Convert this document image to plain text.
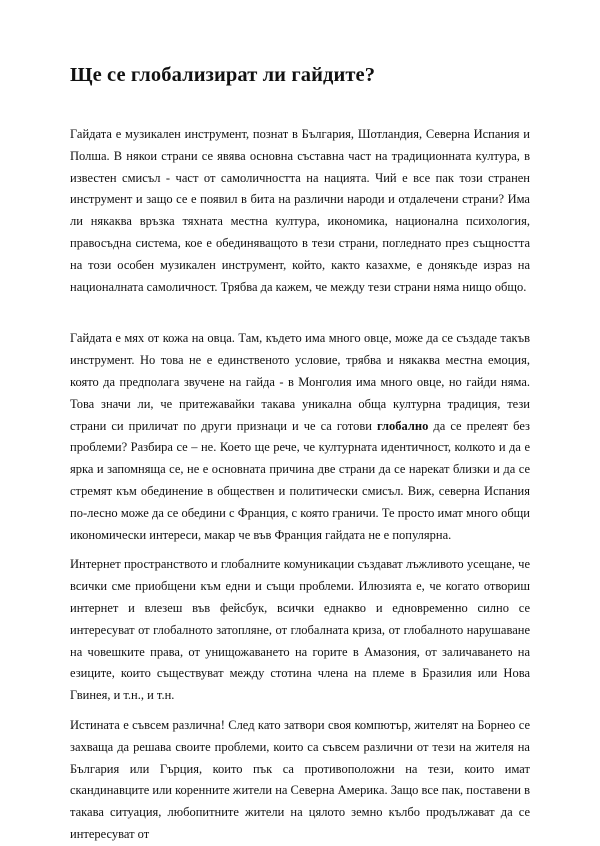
Ще се глобализират ли гайдите?

Гайдата е музикален инструмент, познат в България, Шотландия, Северна Испания и Полша. В някои страни се явява основна съставна част на традиционната култура, в известен смисъл - част от самоличността на нацията. Чий е все пак този странен инструмент и защо се е появил в бита на различни народи и отдалечени страни? Има ли някаква връзка тяхната местна култура, икономика, национална психология, правосъдна система, кое е обединяващото в тези страни, погледнато през същността на този особен музикален инструмент, който, както казахме, е донякъде израз на националната самоличност. Трябва да кажем, че между тези страни няма нищо общо.

Гайдата е мях от кожа на овца. Там, където има много овце, може да се създаде такъв инструмент. Но това не е единственото условие, трябва и някаква местна емоция, която да предполага звучене на гайда - в Монголия има много овце, но гайди няма. Това значи ли, че притежавайки такава уникална обща културна традиция, тези страни си приличат по други признаци и че са готови глобално да се прелеят без проблеми? Разбира се – не. Което ще рече, че културната идентичност, колкото и да е ярка и запомняща се, не е основната причина две страни да се нарекат близки и да се стремят към обединение в обществен и политически смисъл. Виж, северна Испания по-лесно може да се обедини с Франция, с която граничи. Те просто имат много общи икономически интереси, макар че във Франция гайдата не е популярна.

Интернет пространството и глобалните комуникации създават лъжливото усещане, че всички сме приобщени към едни и същи проблеми. Илюзията е, че когато отвориш интернет и влезеш във фейсбук, всички еднакво и едновременно силно се интересуват от глобалното затопляне, от глобалната криза, от глобалното нарушаване на човешките права, от унищожаването на горите в Амазония, от заличаването на езиците, които съществуват между стотина члена на племе в Бразилия или Нова Гвинея, и т.н., и т.н.

Истината е съвсем различна! След като затвори своя компютър, жителят на Борнео се захваща да решава своите проблеми, които са съвсем различни от тези на жителя на България или Гърция, които пък са противоположни на тези, които имат скандинавците или коренните жители на Северна Америка. Защо все пак, поставени в такава ситуация, любопитните жители на цялото земно кълбо продължават да се интересуват от
